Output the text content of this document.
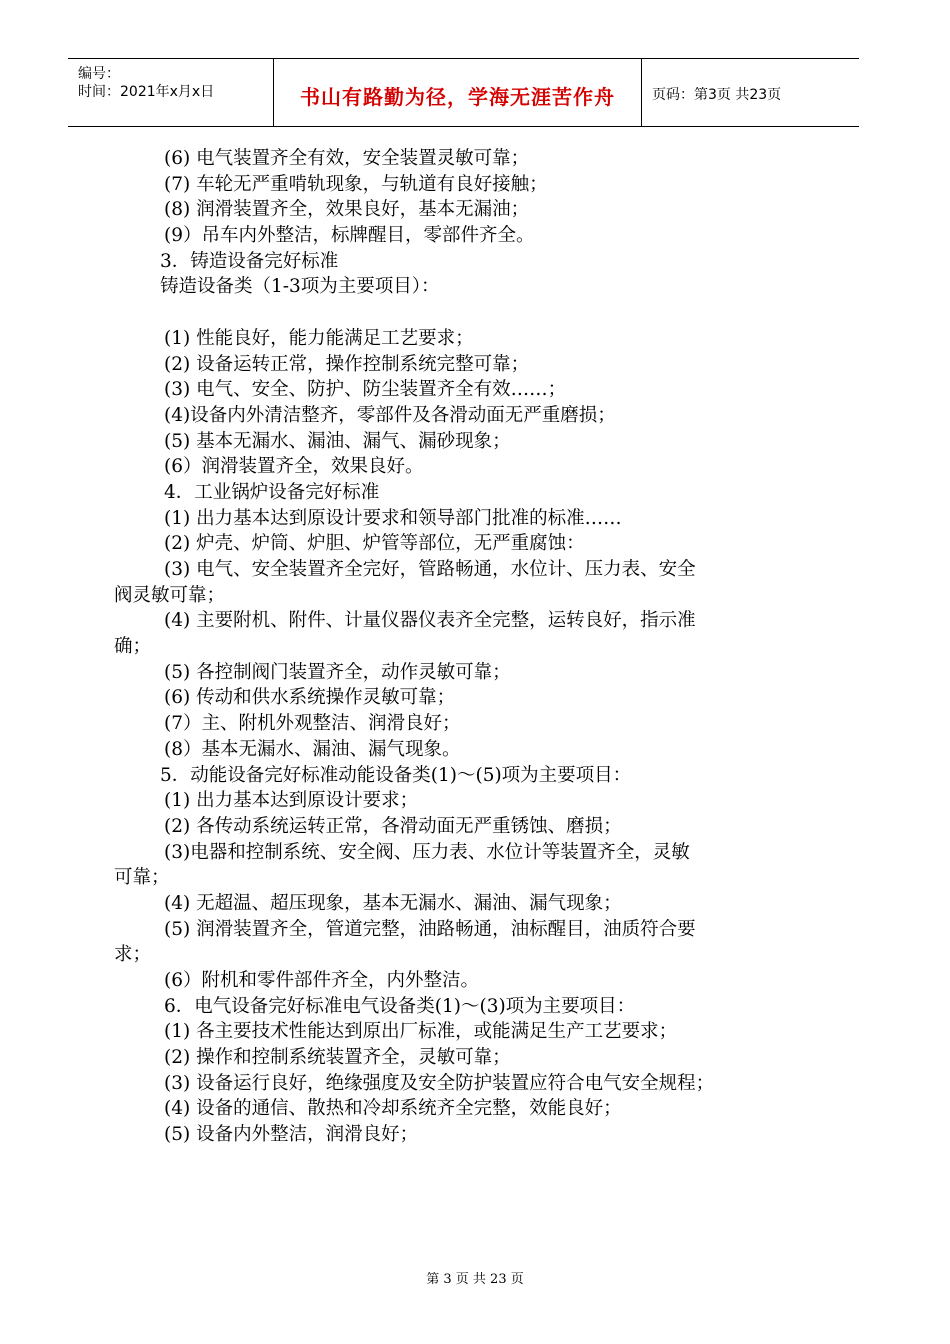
编号：
时间：2021年x月x日	书山有路勤为径，学海无涯苦作舟	页码：第3页 共23页
(6) 电气装置齐全有效，安全装置灵敏可靠；
(7) 车轮无严重啃轨现象，与轨道有良好接触；
(8) 润滑装置齐全，效果良好，基本无漏油；
(9）吊车内外整洁，标牌醒目，零部件齐全。
3．铸造设备完好标准
铸造设备类（1-3项为主要项目）：
(1) 性能良好，能力能满足工艺要求；
(2) 设备运转正常，操作控制系统完整可靠；
(3) 电气、安全、防护、防尘装置齐全有效……；
(4)设备内外清洁整齐，零部件及各滑动面无严重磨损；
(5) 基本无漏水、漏油、漏气、漏砂现象；
(6）润滑装置齐全，效果良好。
4．工业锅炉设备完好标准
(1) 出力基本达到原设计要求和领导部门批准的标准……
(2) 炉壳、炉筒、炉胆、炉管等部位，无严重腐蚀：
(3) 电气、安全装置齐全完好，管路畅通，水位计、压力表、安全
阀灵敏可靠；
(4) 主要附机、附件、计量仪器仪表齐全完整，运转良好，指示准
确；
(5) 各控制阀门装置齐全，动作灵敏可靠；
(6) 传动和供水系统操作灵敏可靠；
(7）主、附机外观整洁、润滑良好；
(8）基本无漏水、漏油、漏气现象。
5．动能设备完好标准动能设备类(1)～(5)项为主要项目：
(1) 出力基本达到原设计要求；
(2) 各传动系统运转正常，各滑动面无严重锈蚀、磨损；
(3)电器和控制系统、安全阀、压力表、水位计等装置齐全，灵敏
可靠；
(4) 无超温、超压现象，基本无漏水、漏油、漏气现象；
(5) 润滑装置齐全，管道完整，油路畅通，油标醒目，油质符合要
求；
(6）附机和零件部件齐全，内外整洁。
6．电气设备完好标准电气设备类(1)～(3)项为主要项目：
(1) 各主要技术性能达到原出厂标准，或能满足生产工艺要求；
(2) 操作和控制系统装置齐全，灵敏可靠；
(3) 设备运行良好，绝缘强度及安全防护装置应符合电气安全规程；
(4) 设备的通信、散热和冷却系统齐全完整，效能良好；
(5) 设备内外整洁，润滑良好；
第 3 页 共 23 页
